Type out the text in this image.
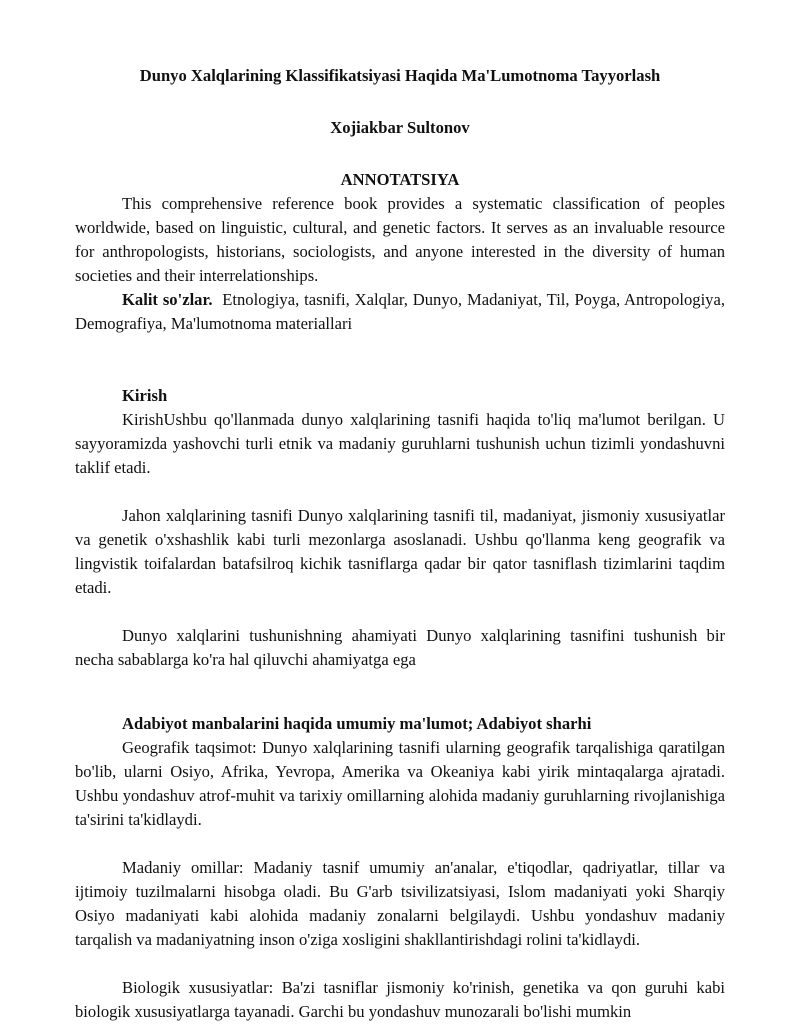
Dunyo Xalqlarining Klassifikatsiyasi Haqida Ma'Lumotnoma Tayyorlash
Xojiakbar Sultonov
ANNOTATSIYA

This comprehensive reference book provides a systematic classification of peoples worldwide, based on linguistic, cultural, and genetic factors. It serves as an invaluable resource for anthropologists, historians, sociologists, and anyone interested in the diversity of human societies and their interrelationships.

Kalit so'zlar. Etnologiya, tasnifi, Xalqlar, Dunyo, Madaniyat, Til, Poyga, Antropologiya, Demografiya, Ma'lumotnoma materiallari

Kirish

KirishUshbu qo'llanmada dunyo xalqlarining tasnifi haqida to'liq ma'lumot berilgan. U sayyoramizda yashovchi turli etnik va madaniy guruhlarni tushunish uchun tizimli yondashuvni taklif etadi.

Jahon xalqlarining tasnifi Dunyo xalqlarining tasnifi til, madaniyat, jismoniy xususiyatlar va genetik o'xshashlik kabi turli mezonlarga asoslanadi. Ushbu qo'llanma keng geografik va lingvistik toifalardan batafsilroq kichik tasniflarga qadar bir qator tasniflash tizimlarini taqdim etadi.

Dunyo xalqlarini tushunishning ahamiyati Dunyo xalqlarining tasnifini tushunish bir necha sabablarga ko'ra hal qiluvchi ahamiyatga ega

Adabiyot manbalarini haqida umumiy ma'lumot; Adabiyot sharhi

Geografik taqsimot: Dunyo xalqlarining tasnifi ularning geografik tarqalishiga qaratilgan bo'lib, ularni Osiyo, Afrika, Yevropa, Amerika va Okeaniya kabi yirik mintaqalarga ajratadi. Ushbu yondashuv atrof-muhit va tarixiy omillarning alohida madaniy guruhlarning rivojlanishiga ta'sirini ta'kidlaydi.

Madaniy omillar: Madaniy tasnif umumiy an'analar, e'tiqodlar, qadriyatlar, tillar va ijtimoiy tuzilmalarni hisobga oladi. Bu G'arb tsivilizatsiyasi, Islom madaniyati yoki Sharqiy Osiyo madaniyati kabi alohida madaniy zonalarni belgilaydi. Ushbu yondashuv madaniy tarqalish va madaniyatning inson o'ziga xosligini shakllantirishdagi rolini ta'kidlaydi.

Biologik xususiyatlar: Ba'zi tasniflar jismoniy ko'rinish, genetika va qon guruhi kabi biologik xususiyatlarga tayanadi. Garchi bu yondashuv munozarali bo'lishi mumkin
